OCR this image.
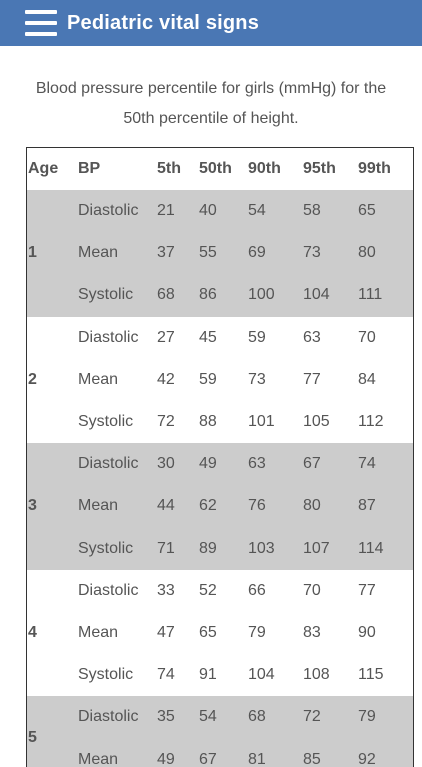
Pediatric vital signs
Blood pressure percentile for girls (mmHg) for the 50th percentile of height.
Age	BP	5th	50th	90th	95th	99th
1	Diastolic	21	40	54	58	65
	Mean	37	55	69	73	80
	Systolic	68	86	100	104	111
2	Diastolic	27	45	59	63	70
	Mean	42	59	73	77	84
	Systolic	72	88	101	105	112
3	Diastolic	30	49	63	67	74
	Mean	44	62	76	80	87
	Systolic	71	89	103	107	114
4	Diastolic	33	52	66	70	77
	Mean	47	65	79	83	90
	Systolic	74	91	104	108	115
5	Diastolic	35	54	68	72	79
	Mean	49	67	81	85	92
